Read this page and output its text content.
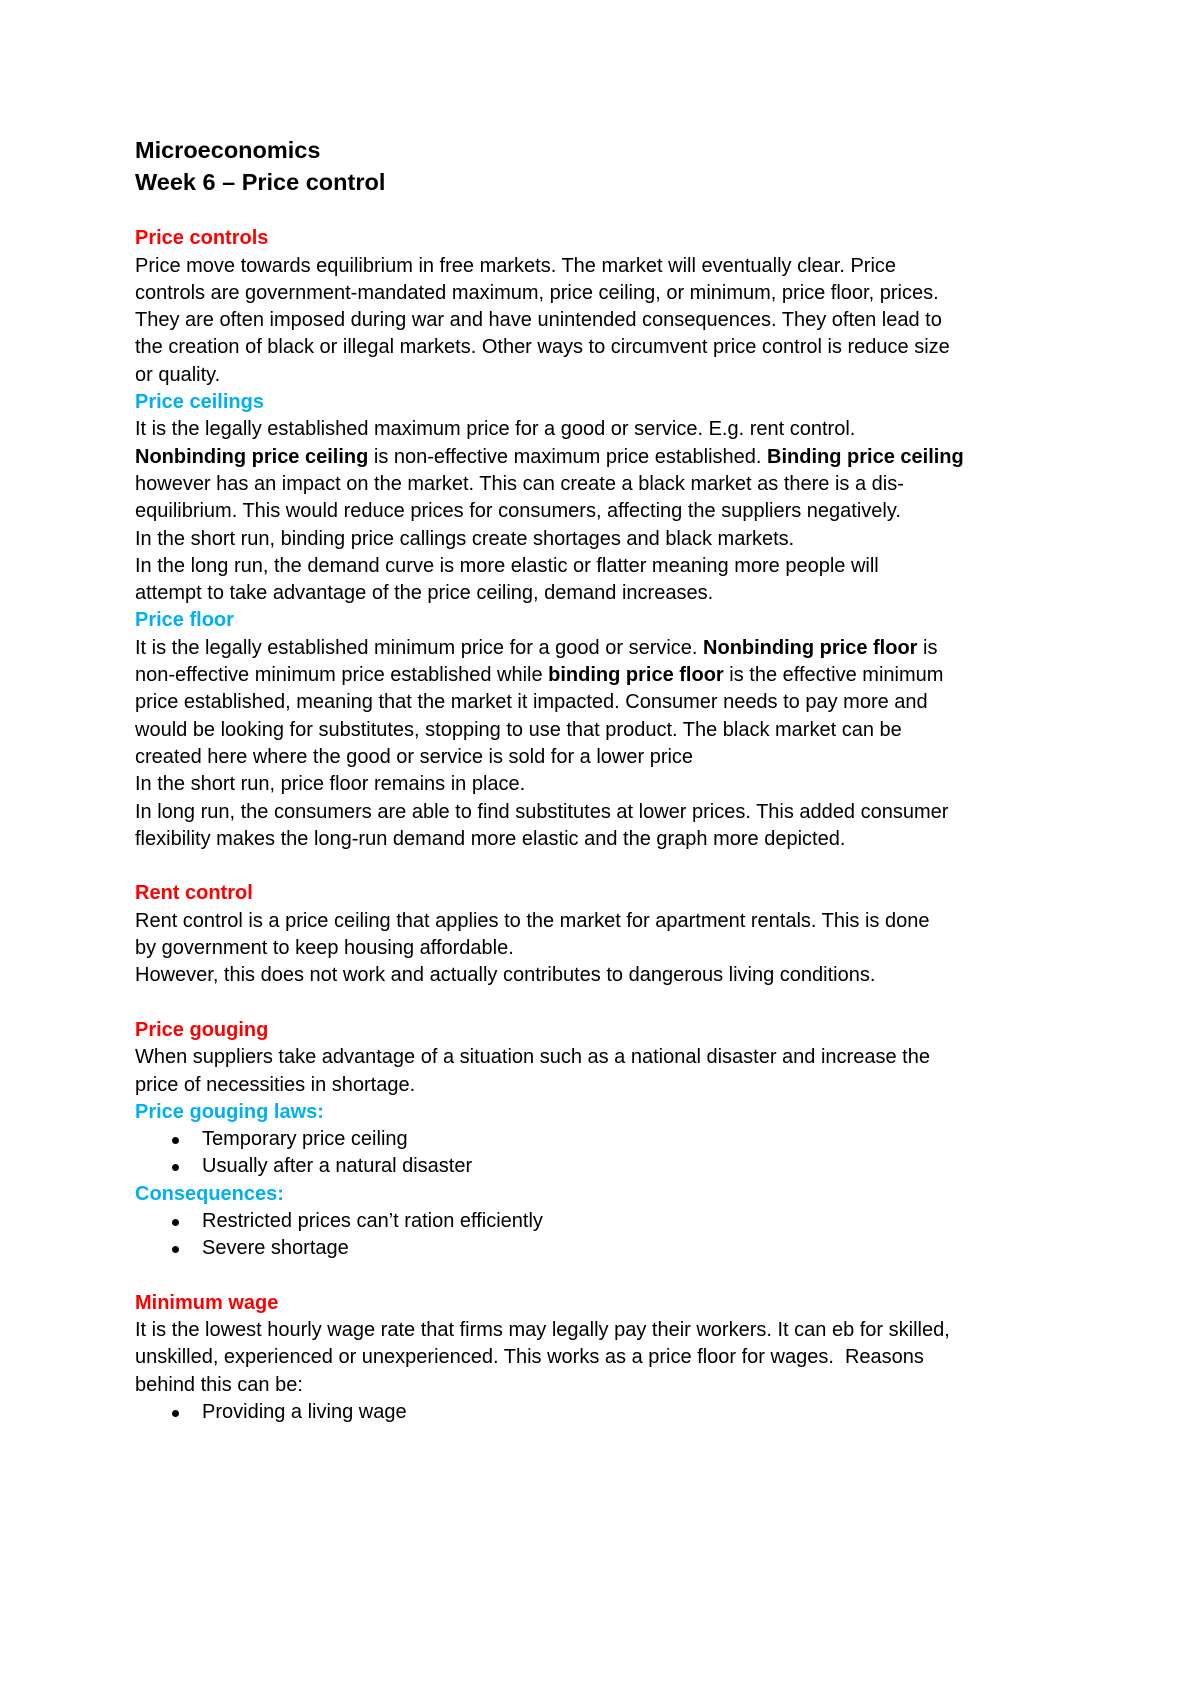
Microeconomics
Week 6 – Price control
Price controls
Price move towards equilibrium in free markets. The market will eventually clear. Price
controls are government-mandated maximum, price ceiling, or minimum, price floor, prices.
They are often imposed during war and have unintended consequences. They often lead to
the creation of black or illegal markets. Other ways to circumvent price control is reduce size
or quality.
Price ceilings
It is the legally established maximum price for a good or service. E.g. rent control.
Nonbinding price ceiling is non-effective maximum price established. Binding price ceiling
however has an impact on the market. This can create a black market as there is a dis-
equilibrium. This would reduce prices for consumers, affecting the suppliers negatively.
In the short run, binding price callings create shortages and black markets.
In the long run, the demand curve is more elastic or flatter meaning more people will
attempt to take advantage of the price ceiling, demand increases.
Price floor
It is the legally established minimum price for a good or service. Nonbinding price floor is
non-effective minimum price established while binding price floor is the effective minimum
price established, meaning that the market it impacted. Consumer needs to pay more and
would be looking for substitutes, stopping to use that product. The black market can be
created here where the good or service is sold for a lower price
In the short run, price floor remains in place.
In long run, the consumers are able to find substitutes at lower prices. This added consumer
flexibility makes the long-run demand more elastic and the graph more depicted.
Rent control
Rent control is a price ceiling that applies to the market for apartment rentals. This is done
by government to keep housing affordable.
However, this does not work and actually contributes to dangerous living conditions.
Price gouging
When suppliers take advantage of a situation such as a national disaster and increase the
price of necessities in shortage.
Price gouging laws:
Temporary price ceiling
Usually after a natural disaster
Consequences:
Restricted prices can’t ration efficiently
Severe shortage
Minimum wage
It is the lowest hourly wage rate that firms may legally pay their workers. It can eb for skilled,
unskilled, experienced or unexperienced. This works as a price floor for wages.  Reasons
behind this can be:
Providing a living wage
